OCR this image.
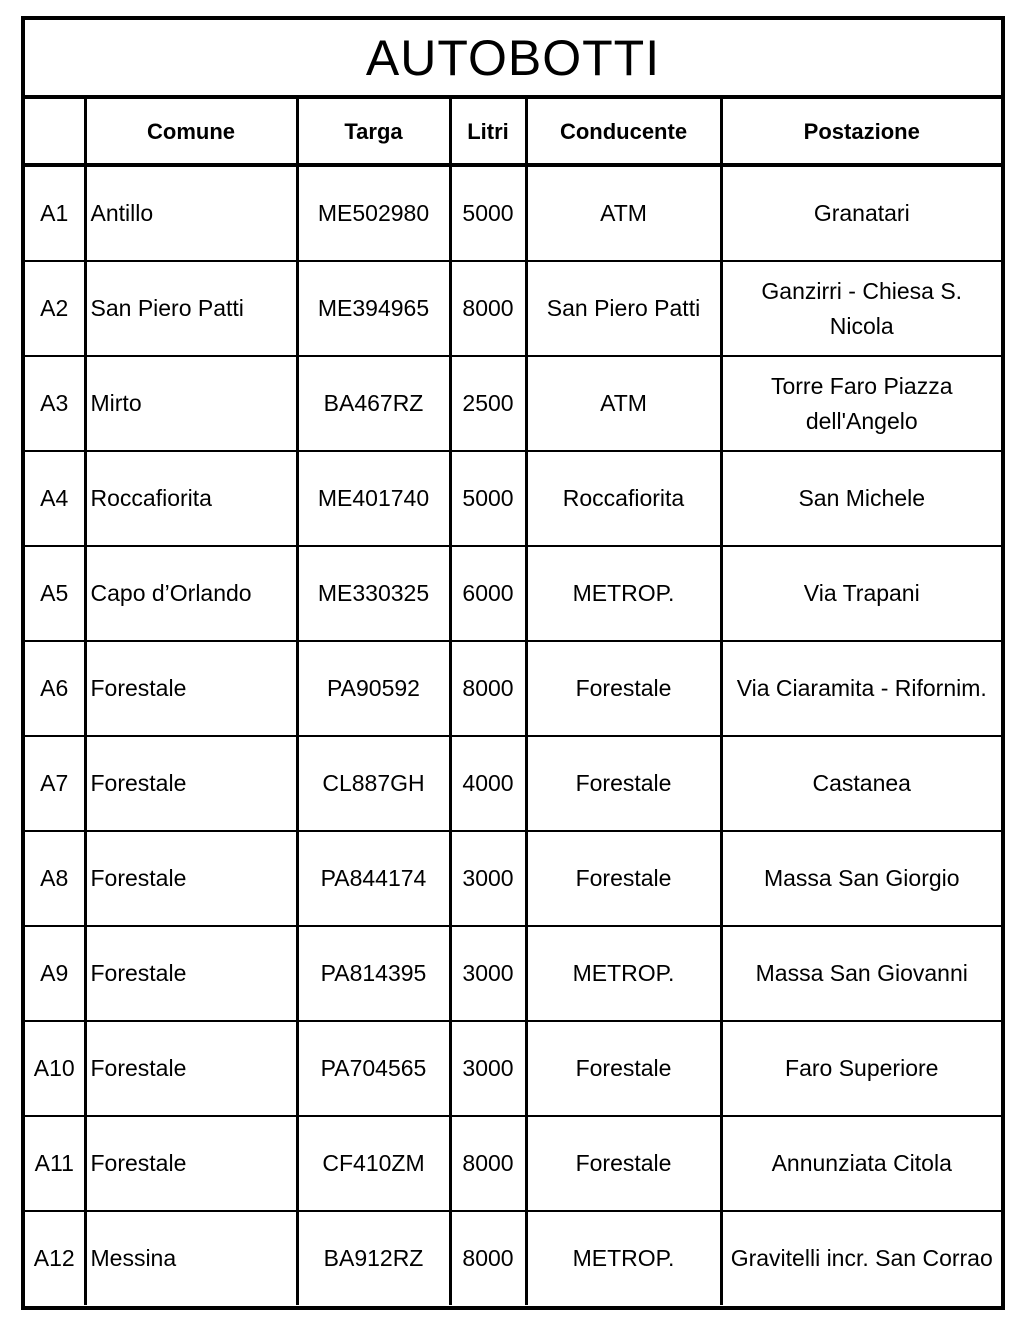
AUTOBOTTI
	Comune	Targa	Litri	Conducente	Postazione
A1	Antillo	ME502980	5000	ATM	Granatari
A2	San Piero Patti	ME394965	8000	San Piero Patti	Ganzirri - Chiesa S. Nicola
A3	Mirto	BA467RZ	2500	ATM	Torre Faro Piazza dell'Angelo
A4	Roccafiorita	ME401740	5000	Roccafiorita	San Michele
A5	Capo d’Orlando	ME330325	6000	METROP.	Via Trapani
A6	Forestale	PA90592	8000	Forestale	Via Ciaramita - Rifornim.
A7	Forestale	CL887GH	4000	Forestale	Castanea
A8	Forestale	PA844174	3000	Forestale	Massa San Giorgio
A9	Forestale	PA814395	3000	METROP.	Massa San Giovanni
A10	Forestale	PA704565	3000	Forestale	Faro Superiore
A11	Forestale	CF410ZM	8000	Forestale	Annunziata Citola
A12	Messina	BA912RZ	8000	METROP.	Gravitelli incr. San Corrao
